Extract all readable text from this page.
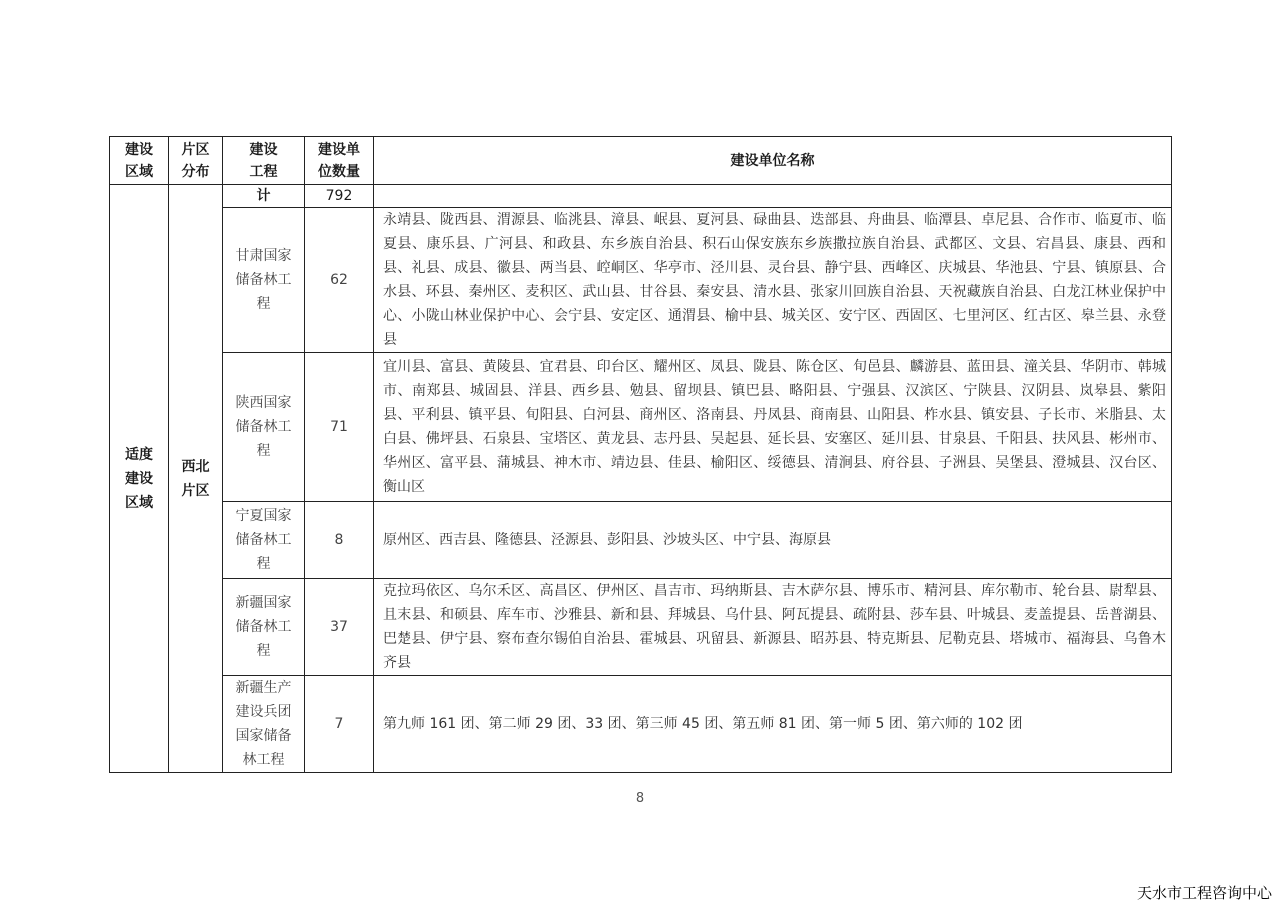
建设区域	片区分布	建设工程	建设单位数量	建设单位名称

适度建设区域	西北片区	计	792	

		甘肃国家储备林工程	62	永靖县、陇西县、渭源县、临洮县、漳县、岷县、夏河县、碌曲县、迭部县、舟曲县、临潭县、卓尼县、合作市、临夏市、临夏县、康乐县、广河县、和政县、东乡族自治县、积石山保安族东乡族撒拉族自治县、武都区、文县、宕昌县、康县、西和县、礼县、成县、徽县、两当县、崆峒区、华亭市、泾川县、灵台县、静宁县、西峰区、庆城县、华池县、宁县、镇原县、合水县、环县、秦州区、麦积区、武山县、甘谷县、秦安县、清水县、张家川回族自治县、天祝藏族自治县、白龙江林业保护中心、小陇山林业保护中心、会宁县、安定区、通渭县、榆中县、城关区、安宁区、西固区、七里河区、红古区、皋兰县、永登县

		陕西国家储备林工程	71	宜川县、富县、黄陵县、宜君县、印台区、耀州区、凤县、陇县、陈仓区、旬邑县、麟游县、蓝田县、潼关县、华阴市、韩城市、南郑县、城固县、洋县、西乡县、勉县、留坝县、镇巴县、略阳县、宁强县、汉滨区、宁陕县、汉阴县、岚皋县、紫阳县、平利县、镇平县、旬阳县、白河县、商州区、洛南县、丹凤县、商南县、山阳县、柞水县、镇安县、子长市、米脂县、太白县、佛坪县、石泉县、宝塔区、黄龙县、志丹县、吴起县、延长县、安塞区、延川县、甘泉县、千阳县、扶风县、彬州市、华州区、富平县、蒲城县、神木市、靖边县、佳县、榆阳区、绥德县、清涧县、府谷县、子洲县、吴堡县、澄城县、汉台区、衡山区

		宁夏国家储备林工程	8	原州区、西吉县、隆德县、泾源县、彭阳县、沙坡头区、中宁县、海原县

		新疆国家储备林工程	37	克拉玛依区、乌尔禾区、高昌区、伊州区、昌吉市、玛纳斯县、吉木萨尔县、博乐市、精河县、库尔勒市、轮台县、尉犁县、且末县、和硕县、库车市、沙雅县、新和县、拜城县、乌什县、阿瓦提县、疏附县、莎车县、叶城县、麦盖提县、岳普湖县、巴楚县、伊宁县、察布查尔锡伯自治县、霍城县、巩留县、新源县、昭苏县、特克斯县、尼勒克县、塔城市、福海县、乌鲁木齐县

		新疆生产建设兵团国家储备林工程	7	第九师 161 团、第二师 29 团、33 团、第三师 45 团、第五师 81 团、第一师 5 团、第六师的 102 团
8
天水市工程咨询中心
